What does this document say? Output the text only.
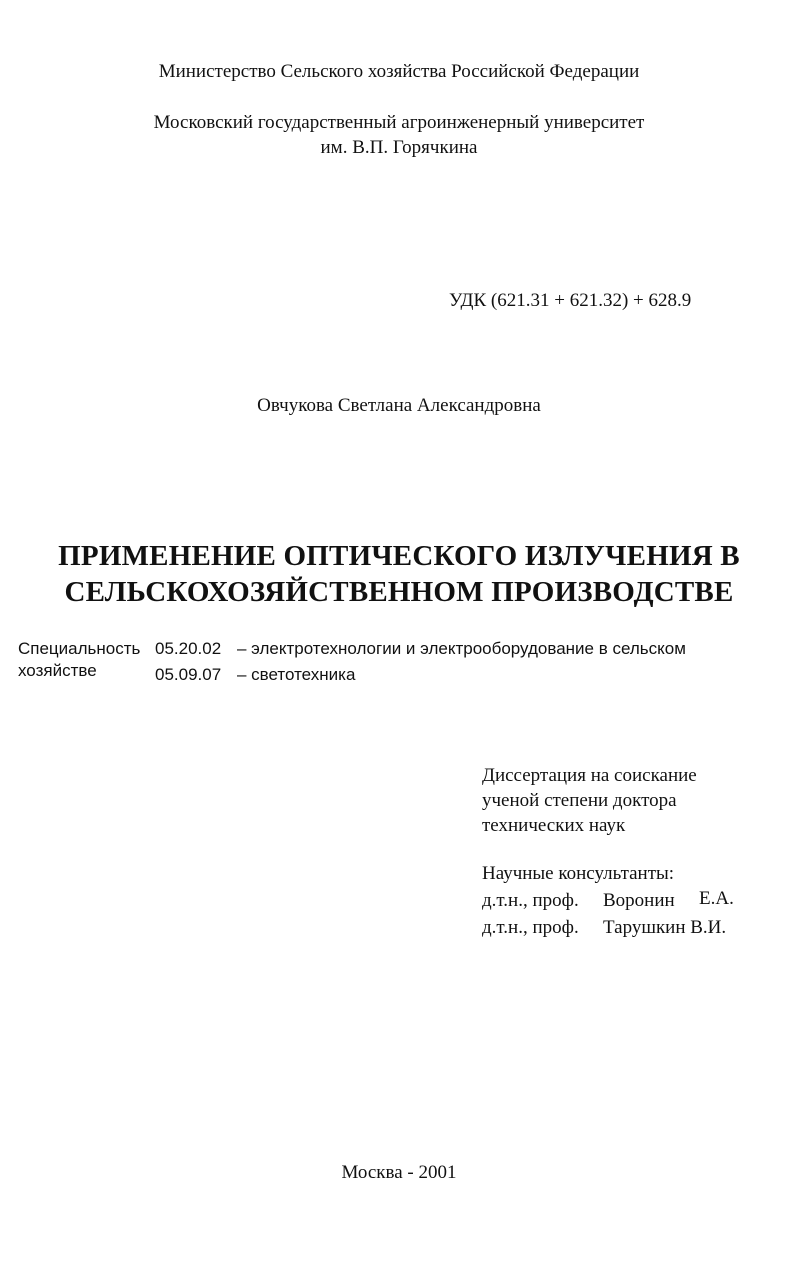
Министерство Сельского хозяйства Российской Федерации
Московский государственный агроинженерный университет
им. В.П. Горячкина
УДК (621.31 + 621.32) + 628.9
Овчукова Светлана Александровна
ПРИМЕНЕНИЕ ОПТИЧЕСКОГО ИЗЛУЧЕНИЯ В
СЕЛЬСКОХОЗЯЙСТВЕННОМ ПРОИЗВОДСТВЕ
Специальность 05.20.02 – электротехнологии и электрооборудование в сельском
хозяйстве	05.09.07 – светотехника
Диссертация на соискание
ученой степени доктора
технических наук
Научные консультанты:
д.т.н., проф. Воронин Е.А.
д.т.н., проф. Тарушкин В.И.
Москва - 2001
